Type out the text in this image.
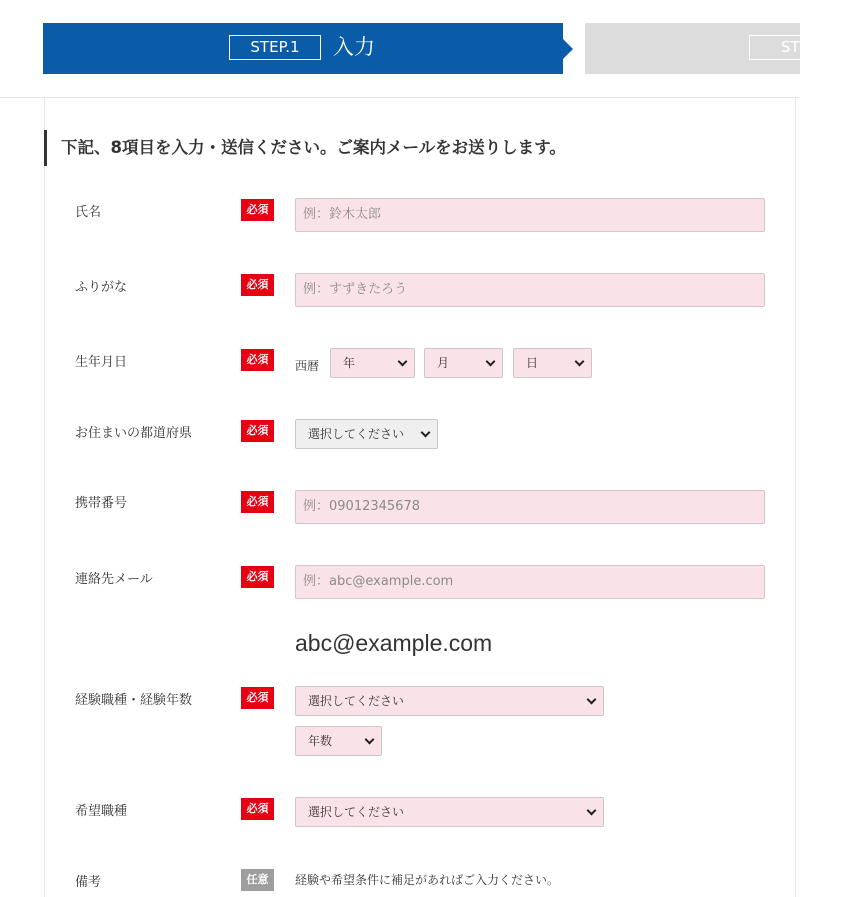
STEP.1	入力	STE
下記、8項目を入力・送信ください。ご案内メールをお送りします。
氏名	必須	例：鈴木太郎
ふりがな	必須	例：すずきたろう
生年月日	必須	西暦	年	月	日
お住まいの都道府県	必須	選択してください
携帯番号	必須	例：09012345678
連絡先メール	必須	例：abc@example.com
abc@example.com
経験職種・経験年数	必須	選択してください
年数
希望職種	必須	選択してください
備考	任意	経験や希望条件に補足があればご入力ください。
